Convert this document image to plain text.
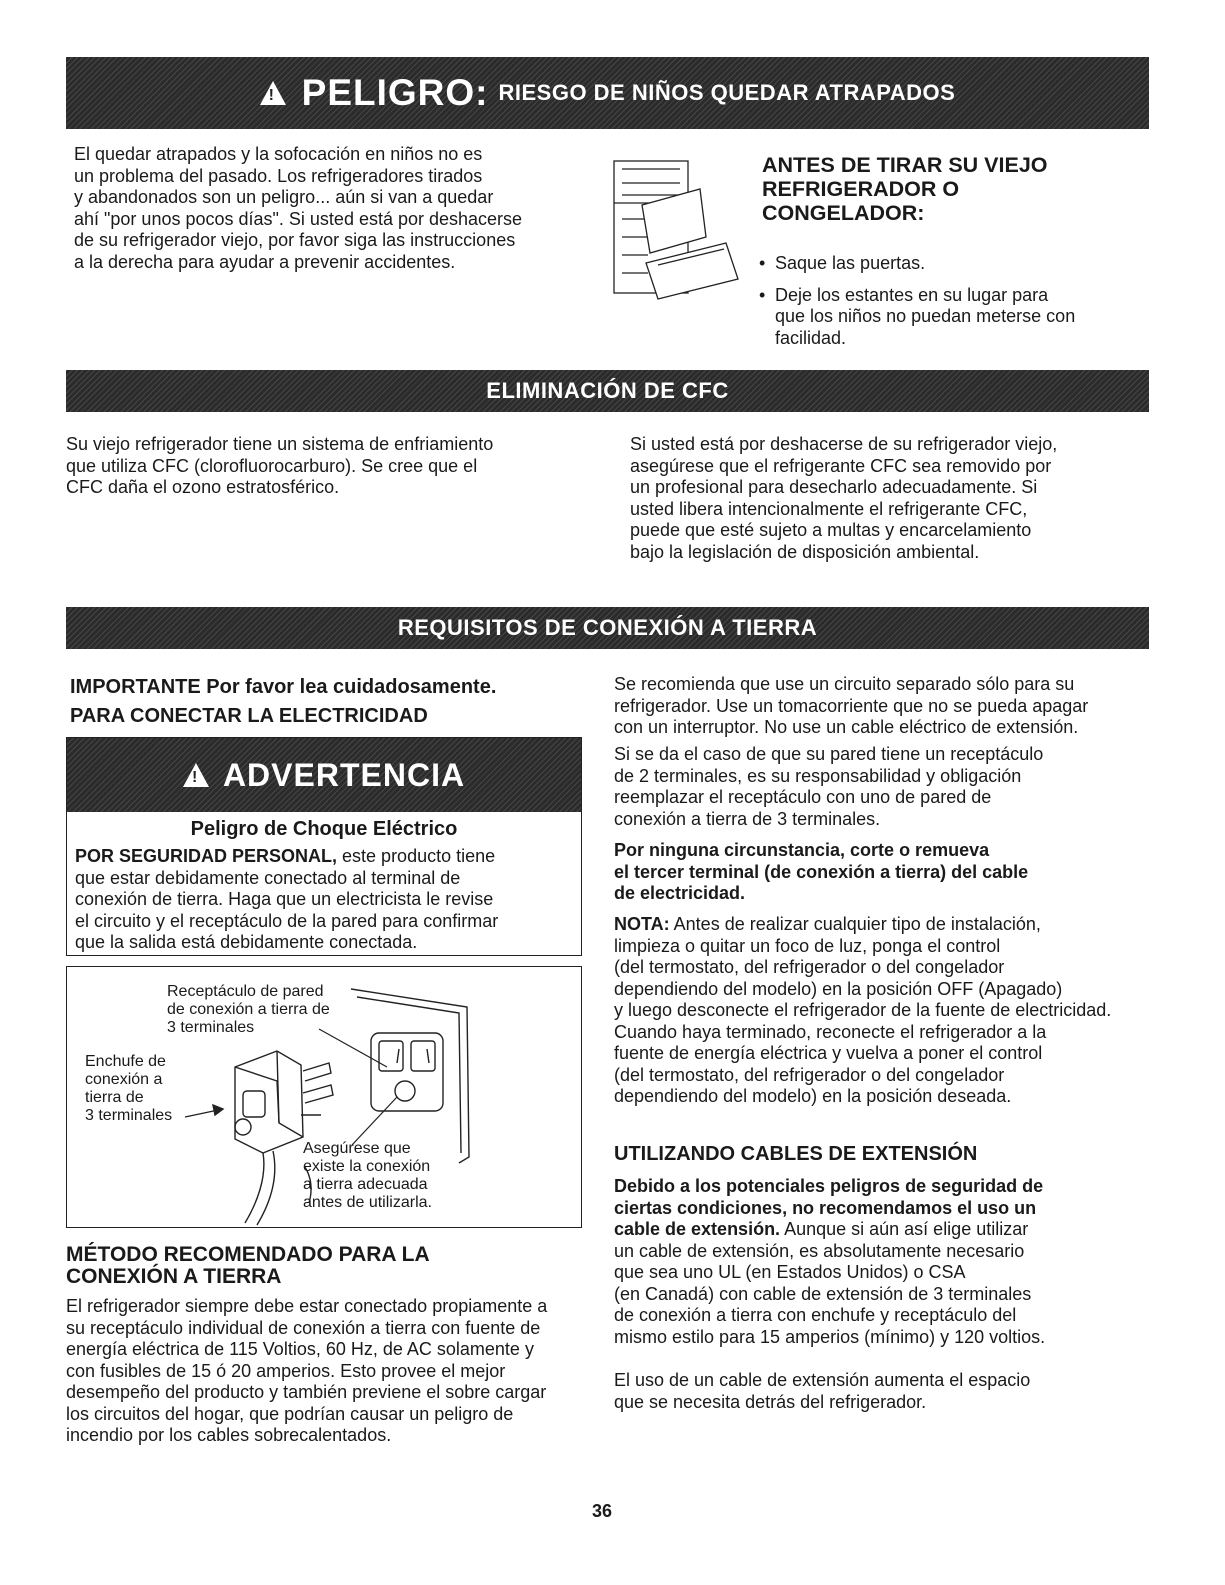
! PELIGRO: RIESGO DE NIÑOS QUEDAR ATRAPADOS
El quedar atrapados y la sofocación en niños no es
un problema del pasado. Los refrigeradores tirados
y abandonados son un peligro... aún si van a quedar
ahí "por unos pocos días". Si usted está por deshacerse
de su refrigerador viejo, por favor siga las instrucciones
a la derecha para ayudar a prevenir accidentes.
ANTES DE TIRAR SU VIEJO
REFRIGERADOR O
CONGELADOR:
• Saque las puertas.
• Deje los estantes en su lugar para que los niños no puedan meterse con facilidad.
ELIMINACIÓN DE CFC
Su viejo refrigerador tiene un sistema de enfriamiento
que utiliza CFC (clorofluorocarburo). Se cree que el
CFC daña el ozono estratosférico.
Si usted está por deshacerse de su refrigerador viejo,
asegúrese que el refrigerante CFC sea removido por
un profesional para desecharlo adecuadamente. Si
usted libera intencionalmente el refrigerante CFC,
puede que esté sujeto a multas y encarcelamiento
bajo la legislación de disposición ambiental.
REQUISITOS DE CONEXIÓN A TIERRA
IMPORTANTE Por favor lea cuidadosamente.
PARA CONECTAR LA ELECTRICIDAD
! ADVERTENCIA
Peligro de Choque Eléctrico
POR SEGURIDAD PERSONAL, este producto tiene
que estar debidamente conectado al terminal de
conexión de tierra. Haga que un electricista le revise
el circuito y el receptáculo de la pared para confirmar
que la salida está debidamente conectada.
Receptáculo de pared
de conexión a tierra de
3 terminales
Enchufe de
conexión a
tierra de
3 terminales
Asegúrese que
existe la conexión
a tierra adecuada
antes de utilizarla.
MÉTODO RECOMENDADO PARA LA
CONEXIÓN A TIERRA
El refrigerador siempre debe estar conectado propiamente a
su receptáculo individual de conexión a tierra con fuente de
energía eléctrica de 115 Voltios, 60 Hz, de AC solamente y
con fusibles de 15 ó 20 amperios. Esto provee el mejor
desempeño del producto y también previene el sobre cargar
los circuitos del hogar, que podrían causar un peligro de
incendio por los cables sobrecalentados.
Se recomienda que use un circuito separado sólo para su
refrigerador. Use un tomacorriente que no se pueda apagar
con un interruptor. No use un cable eléctrico de extensión.
Si se da el caso de que su pared tiene un receptáculo
de 2 terminales, es su responsabilidad y obligación
reemplazar el receptáculo con uno de pared de
conexión a tierra de 3 terminales.
Por ninguna circunstancia, corte o remueva
el tercer terminal (de conexión a tierra) del cable
de electricidad.
NOTA: Antes de realizar cualquier tipo de instalación,
limpieza o quitar un foco de luz, ponga el control
(del termostato, del refrigerador o del congelador
dependiendo del modelo) en la posición OFF (Apagado)
y luego desconecte el refrigerador de la fuente de electricidad.
Cuando haya terminado, reconecte el refrigerador a la
fuente de energía eléctrica y vuelva a poner el control
(del termostato, del refrigerador o del congelador
dependiendo del modelo) en la posición deseada.
UTILIZANDO CABLES DE EXTENSIÓN
Debido a los potenciales peligros de seguridad de
ciertas condiciones, no recomendamos el uso un
cable de extensión. Aunque si aún así elige utilizar
un cable de extensión, es absolutamente necesario
que sea uno UL (en Estados Unidos) o CSA
(en Canadá) con cable de extensión de 3 terminales
de conexión a tierra con enchufe y receptáculo del
mismo estilo para 15 amperios (mínimo) y 120 voltios.
El uso de un cable de extensión aumenta el espacio
que se necesita detrás del refrigerador.
36
